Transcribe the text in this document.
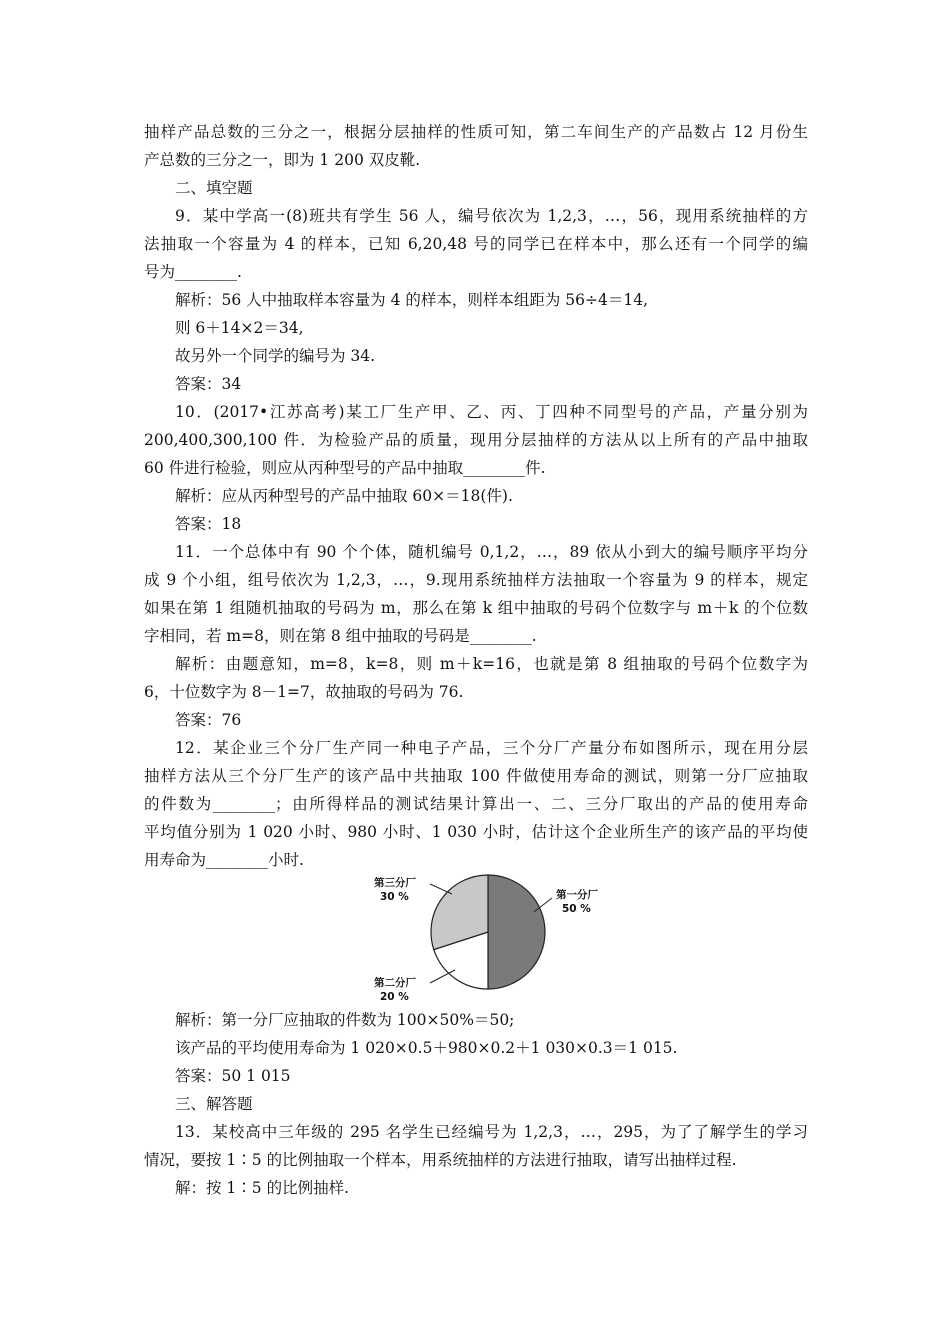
抽样产品总数的三分之一，根据分层抽样的性质可知，第二车间生产的产品数占 12 月份生
产总数的三分之一，即为 1 200 双皮靴.
二、填空题
9．某中学高一(8)班共有学生 56 人，编号依次为 1,2,3，…，56，现用系统抽样的方
法抽取一个容量为 4 的样本，已知 6,20,48 号的同学已在样本中，那么还有一个同学的编
号为________.
解析：56 人中抽取样本容量为 4 的样本，则样本组距为 56÷4＝14,
则 6＋14×2＝34,
故另外一个同学的编号为 34.
答案：34
10．(2017•江苏高考)某工厂生产甲、乙、丙、丁四种不同型号的产品，产量分别为
200,400,300,100 件．为检验产品的质量，现用分层抽样的方法从以上所有的产品中抽取
60 件进行检验，则应从丙种型号的产品中抽取________件.
解析：应从丙种型号的产品中抽取 60×＝18(件).
答案：18
11．一个总体中有 90 个个体，随机编号 0,1,2，…，89 依从小到大的编号顺序平均分
成 9 个小组，组号依次为 1,2,3，…，9.现用系统抽样方法抽取一个容量为 9 的样本，规定
如果在第 1 组随机抽取的号码为 m，那么在第 k 组中抽取的号码个位数字与 m＋k 的个位数
字相同，若 m=8，则在第 8 组中抽取的号码是________.
解析：由题意知，m=8，k=8，则 m＋k=16，也就是第 8 组抽取的号码个位数字为
6，十位数字为 8－1=7，故抽取的号码为 76.
答案：76
12．某企业三个分厂生产同一种电子产品，三个分厂产量分布如图所示，现在用分层
抽样方法从三个分厂生产的该产品中共抽取 100 件做使用寿命的测试，则第一分厂应抽取
的件数为________；由所得样品的测试结果计算出一、二、三分厂取出的产品的使用寿命
平均值分别为 1 020 小时、980 小时、1 030 小时，估计这个企业所生产的该产品的平均使
用寿命为________小时.
第一分厂
50 %
第二分厂
20 %
第三分厂
30 %
解析：第一分厂应抽取的件数为 100×50%＝50;
该产品的平均使用寿命为 1 020×0.5＋980×0.2＋1 030×0.3＝1 015.
答案：50 1 015
三、解答题
13．某校高中三年级的 295 名学生已经编号为 1,2,3，…，295，为了了解学生的学习
情况，要按 1∶5 的比例抽取一个样本，用系统抽样的方法进行抽取，请写出抽样过程.
解：按 1∶5 的比例抽样.
